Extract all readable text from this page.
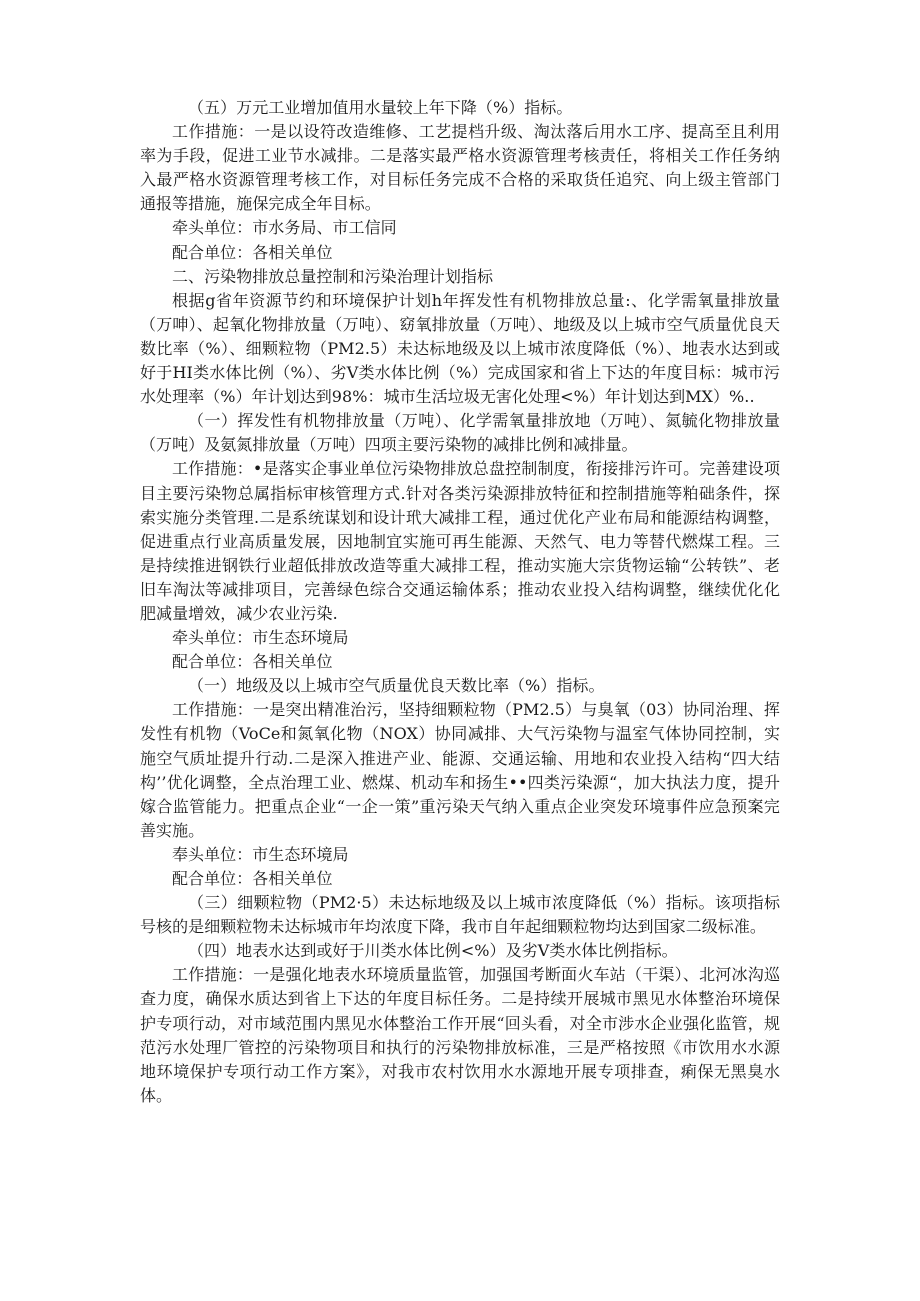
（五）万元工业增加值用水量较上年下降（%）指标。

工作措施：一是以设符改造维修、工艺提档升级、淘汰落后用水工序、提高至且利用率为手段，促进工业节水减排。二是落实最严格水资源管理考核责任，将相关工作任务纳入最严格水资源管理考核工作，对目标任务完成不合格的采取货任追究、向上级主管部门通报等措施，施保完成全年目标。

牵头单位：市水务局、市工信同

配合单位：各相关单位

二、污染物排放总量控制和污染治理计划指标

根据g省年资源节约和环境保护计划h年挥发性有机物排放总量:、化学需氧量排放量（万呻）、起氧化物排放量（万吨）、窈氧排放量（万吨）、地级及以上城市空气质量优良天数比率（%）、细颗粒物（PM2.5）未达标地级及以上城市浓度降低（%）、地表水达到或好于HI类水体比例（%）、劣V类水体比例（%）完成国家和省上下达的年度目标：城市污水处理率（%）年计划达到98%：城市生活垃圾无害化处理<%）年计划达到MX）%..

（一）挥发性有机物排放量（万吨）、化学需氧量排放地（万吨）、氮毓化物排放量（万吨）及氨氮排放量（万吨）四项主要污染物的减排比例和减排量。

工作措施：•是落实企事业单位污染物排放总盘控制制度，衔接排污许可。完善建设项目主要污染物总属指标审核管理方式.针对各类污染源排放特征和控制措施等粕础条件，探索实施分类管理.二是系统谋划和设计玳大减排工程，通过优化产业布局和能源结构调整，促进重点行业高质量发展，因地制宜实施可再生能源、天然气、电力等替代燃煤工程。三是持续推进钢铁行业超低排放改造等重大减排工程，推动实施大宗货物运输“公转铁”、老旧车淘汰等减排项目，完善绿色综合交通运输体系；推动农业投入结构调整，继续优化化肥减量增效，减少农业污染.

牵头单位：市生态环境局

配合单位：各相关单位

（一）地级及以上城市空气质量优良天数比率（%）指标。

工作措施：一是突出精准治污，坚持细颗粒物（PM2.5）与臭氧（03）协同治理、挥发性有机物（VoCe和氮氧化物（NOX）协同减排、大气污染物与温室气体协同控制，实施空气质址提升行动.二是深入推进产业、能源、交通运输、用地和农业投入结构“四大结构’’优化调整，全点治理工业、燃煤、机动车和扬生••四类污染源“，加大执法力度，提升嫁合监管能力。把重点企业“一企一策”重污染天气纳入重点企业突发环境事件应急预案完善实施。

奉头单位：市生态环境局

配合单位：各相关单位

（三）细颗粒物（PM2·5）未达标地级及以上城市浓度降低（%）指标。该项指标号核的是细颗粒物未达标城市年均浓度下降，我市自年起细颗粒物均达到国家二级标准。

（四）地表水达到或好于川类水体比例<%）及劣V类水体比例指标。

工作措施：一是强化地表水环境质量监管，加强国考断面火车站（干渠）、北河冰沟巡查力度，确保水质达到省上下达的年度目标任务。二是持续开展城市黑见水体整治环境保护专项行动，对市域范围内黑见水体整治工作开展“回头看，对全市涉水企业强化监管，规范污水处理厂管控的污染物项目和执行的污染物排放标准，三是严格按照《市饮用水水源地环境保护专项行动工作方案》，对我市农村饮用水水源地开展专项排查，痢保无黑臭水体。
